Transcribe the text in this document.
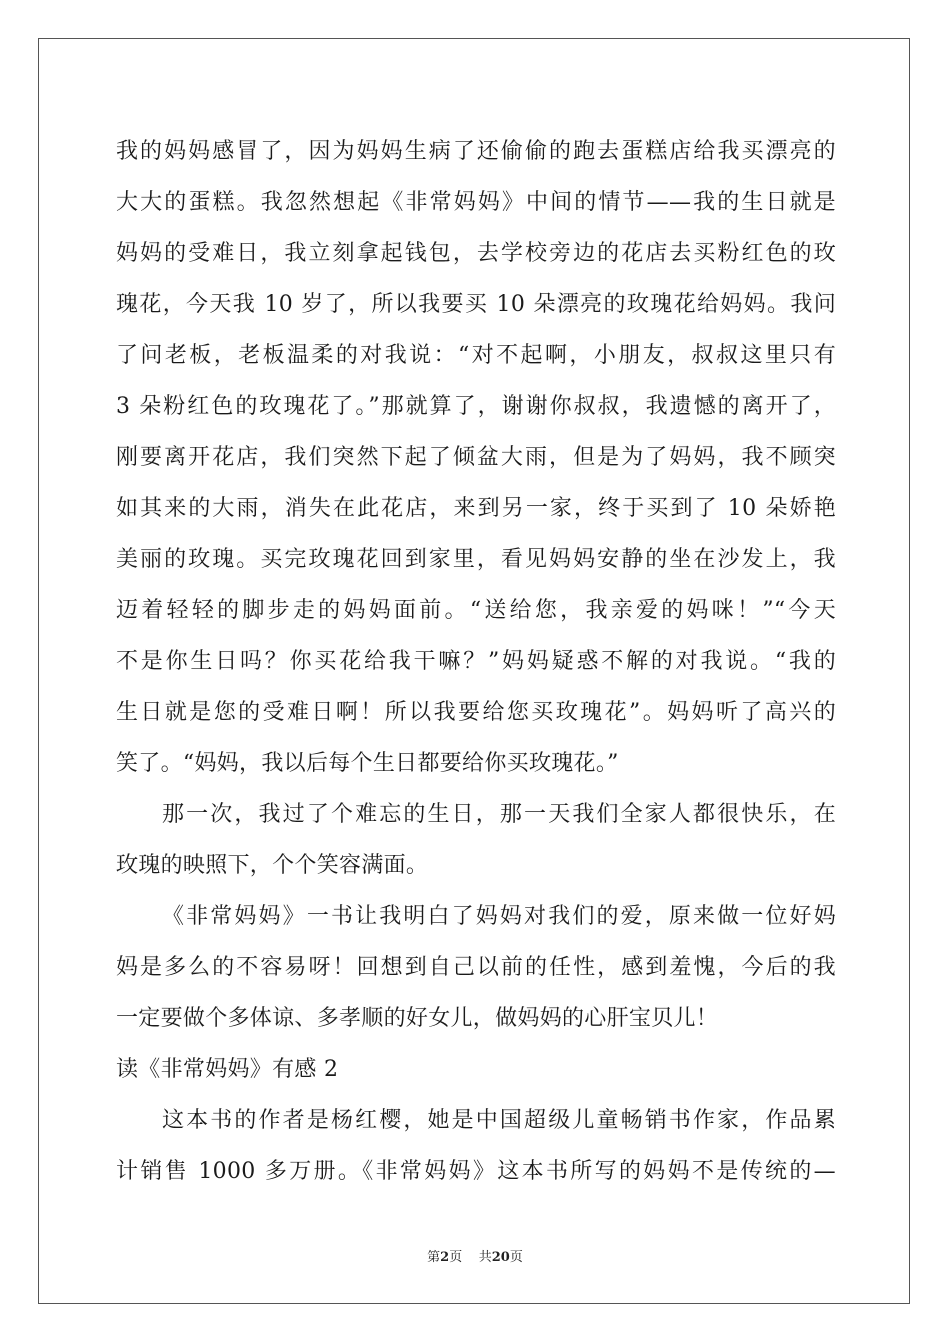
我的妈妈感冒了，因为妈妈生病了还偷偷的跑去蛋糕店给我买漂亮的
大大的蛋糕。我忽然想起《非常妈妈》中间的情节——我的生日就是
妈妈的受难日，我立刻拿起钱包，去学校旁边的花店去买粉红色的玫
瑰花，今天我 10 岁了，所以我要买 10 朵漂亮的玫瑰花给妈妈。我问
了问老板，老板温柔的对我说：“对不起啊，小朋友，叔叔这里只有
3 朵粉红色的玫瑰花了。”那就算了，谢谢你叔叔，我遗憾的离开了，
刚要离开花店，我们突然下起了倾盆大雨，但是为了妈妈，我不顾突
如其来的大雨，消失在此花店，来到另一家，终于买到了 10 朵娇艳
美丽的玫瑰。买完玫瑰花回到家里，看见妈妈安静的坐在沙发上，我
迈着轻轻的脚步走的妈妈面前。“送给您，我亲爱的妈咪！”“今天
不是你生日吗？你买花给我干嘛？”妈妈疑惑不解的对我说。“我的
生日就是您的受难日啊！所以我要给您买玫瑰花”。妈妈听了高兴的
笑了。“妈妈，我以后每个生日都要给你买玫瑰花。”
那一次，我过了个难忘的生日，那一天我们全家人都很快乐，在
玫瑰的映照下，个个笑容满面。
《非常妈妈》一书让我明白了妈妈对我们的爱，原来做一位好妈
妈是多么的不容易呀！回想到自己以前的任性，感到羞愧，今后的我
一定要做个多体谅、多孝顺的好女儿，做妈妈的心肝宝贝儿！
读《非常妈妈》有感 2
这本书的作者是杨红樱，她是中国超级儿童畅销书作家，作品累
计销售 1000 多万册。《非常妈妈》这本书所写的妈妈不是传统的—
第2页 共20页
